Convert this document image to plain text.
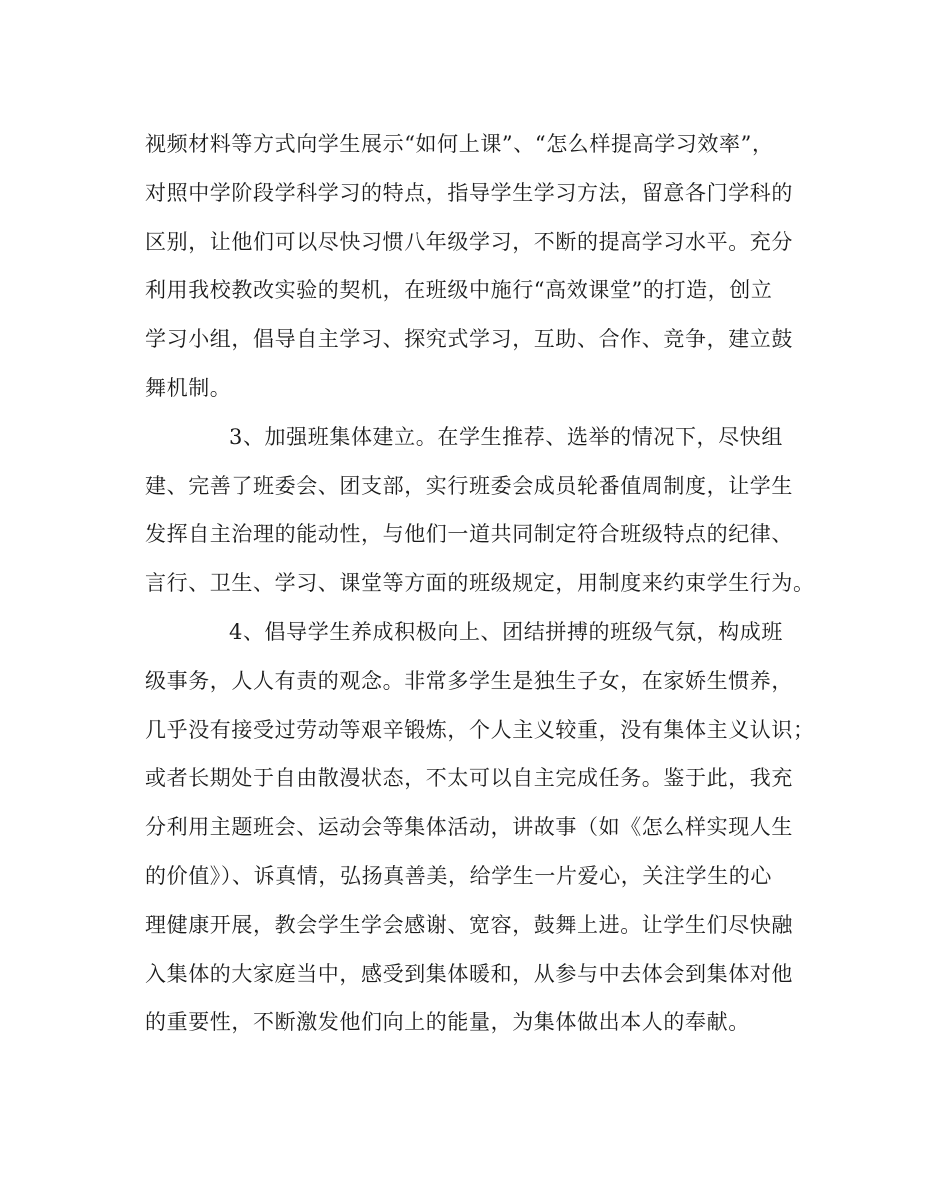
视频材料等方式向学生展示“如何上课”、“怎么样提高学习效率”，
对照中学阶段学科学习的特点，指导学生学习方法，留意各门学科的
区别，让他们可以尽快习惯八年级学习，不断的提高学习水平。充分
利用我校教改实验的契机，在班级中施行“高效课堂”的打造，创立
学习小组，倡导自主学习、探究式学习，互助、合作、竞争，建立鼓
舞机制。
3、加强班集体建立。在学生推荐、选举的情况下，尽快组
建、完善了班委会、团支部，实行班委会成员轮番值周制度，让学生
发挥自主治理的能动性，与他们一道共同制定符合班级特点的纪律、
言行、卫生、学习、课堂等方面的班级规定，用制度来约束学生行为。
4、倡导学生养成积极向上、团结拼搏的班级气氛，构成班
级事务，人人有责的观念。非常多学生是独生子女，在家娇生惯养，
几乎没有接受过劳动等艰辛锻炼，个人主义较重，没有集体主义认识；
或者长期处于自由散漫状态，不太可以自主完成任务。鉴于此，我充
分利用主题班会、运动会等集体活动，讲故事（如《怎么样实现人生
的价值》）、诉真情，弘扬真善美，给学生一片爱心，关注学生的心
理健康开展，教会学生学会感谢、宽容，鼓舞上进。让学生们尽快融
入集体的大家庭当中，感受到集体暖和，从参与中去体会到集体对他
的重要性，不断激发他们向上的能量，为集体做出本人的奉献。
